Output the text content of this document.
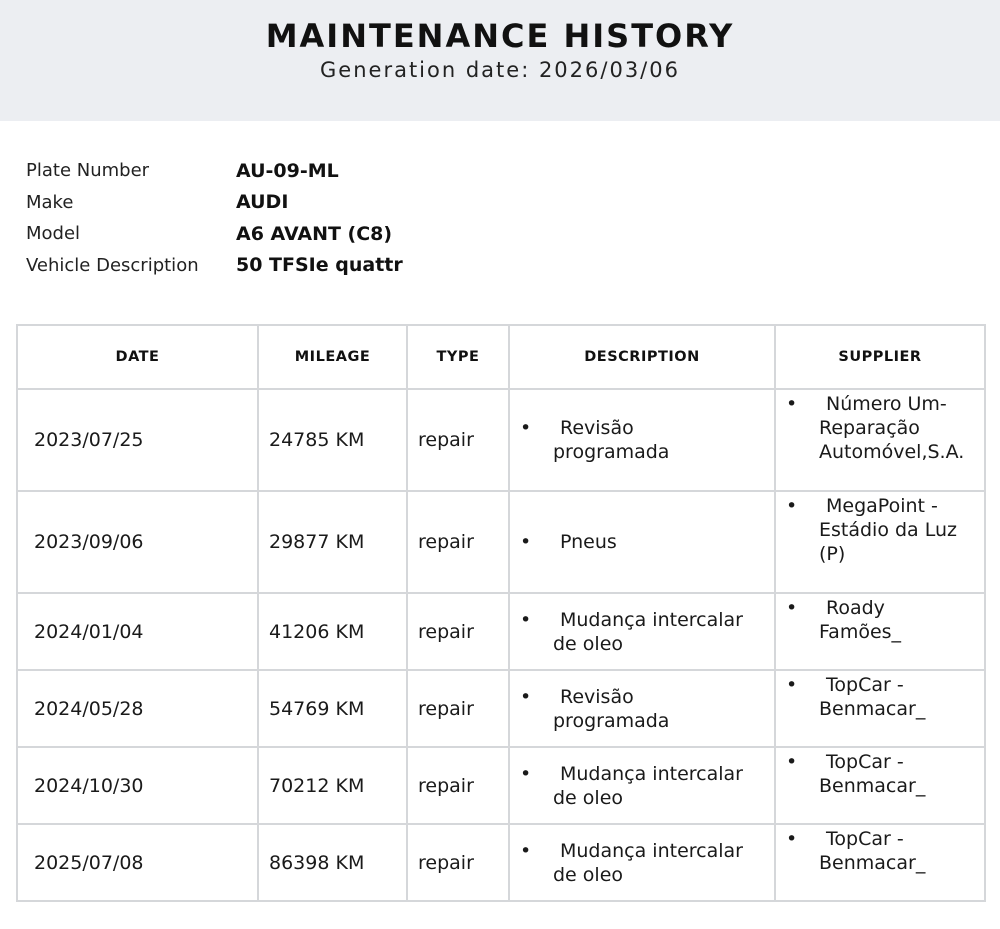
MAINTENANCE HISTORY
Generation date: 2026/03/06
Plate Number	AU-09-ML
Make	AUDI
Model	A6 AVANT (C8)
Vehicle Description	50 TFSIe quattr
DATE	MILEAGE	TYPE	DESCRIPTION	SUPPLIER
2023/07/25	24785 KM	repair	• Revisão
programada	• Número Um-
Reparação
Automóvel,S.A.

2023/09/06	29877 KM	repair	• Pneus	• MegaPoint -
Estádio da Luz
(P)

2024/01/04	41206 KM	repair	• Mudança intercalar
de oleo	• Roady
Famões_

2024/05/28	54769 KM	repair	• Revisão
programada	• TopCar -
Benmacar_

2024/10/30	70212 KM	repair	• Mudança intercalar
de oleo	• TopCar -
Benmacar_

2025/07/08	86398 KM	repair	• Mudança intercalar
de oleo	• TopCar -
Benmacar_
